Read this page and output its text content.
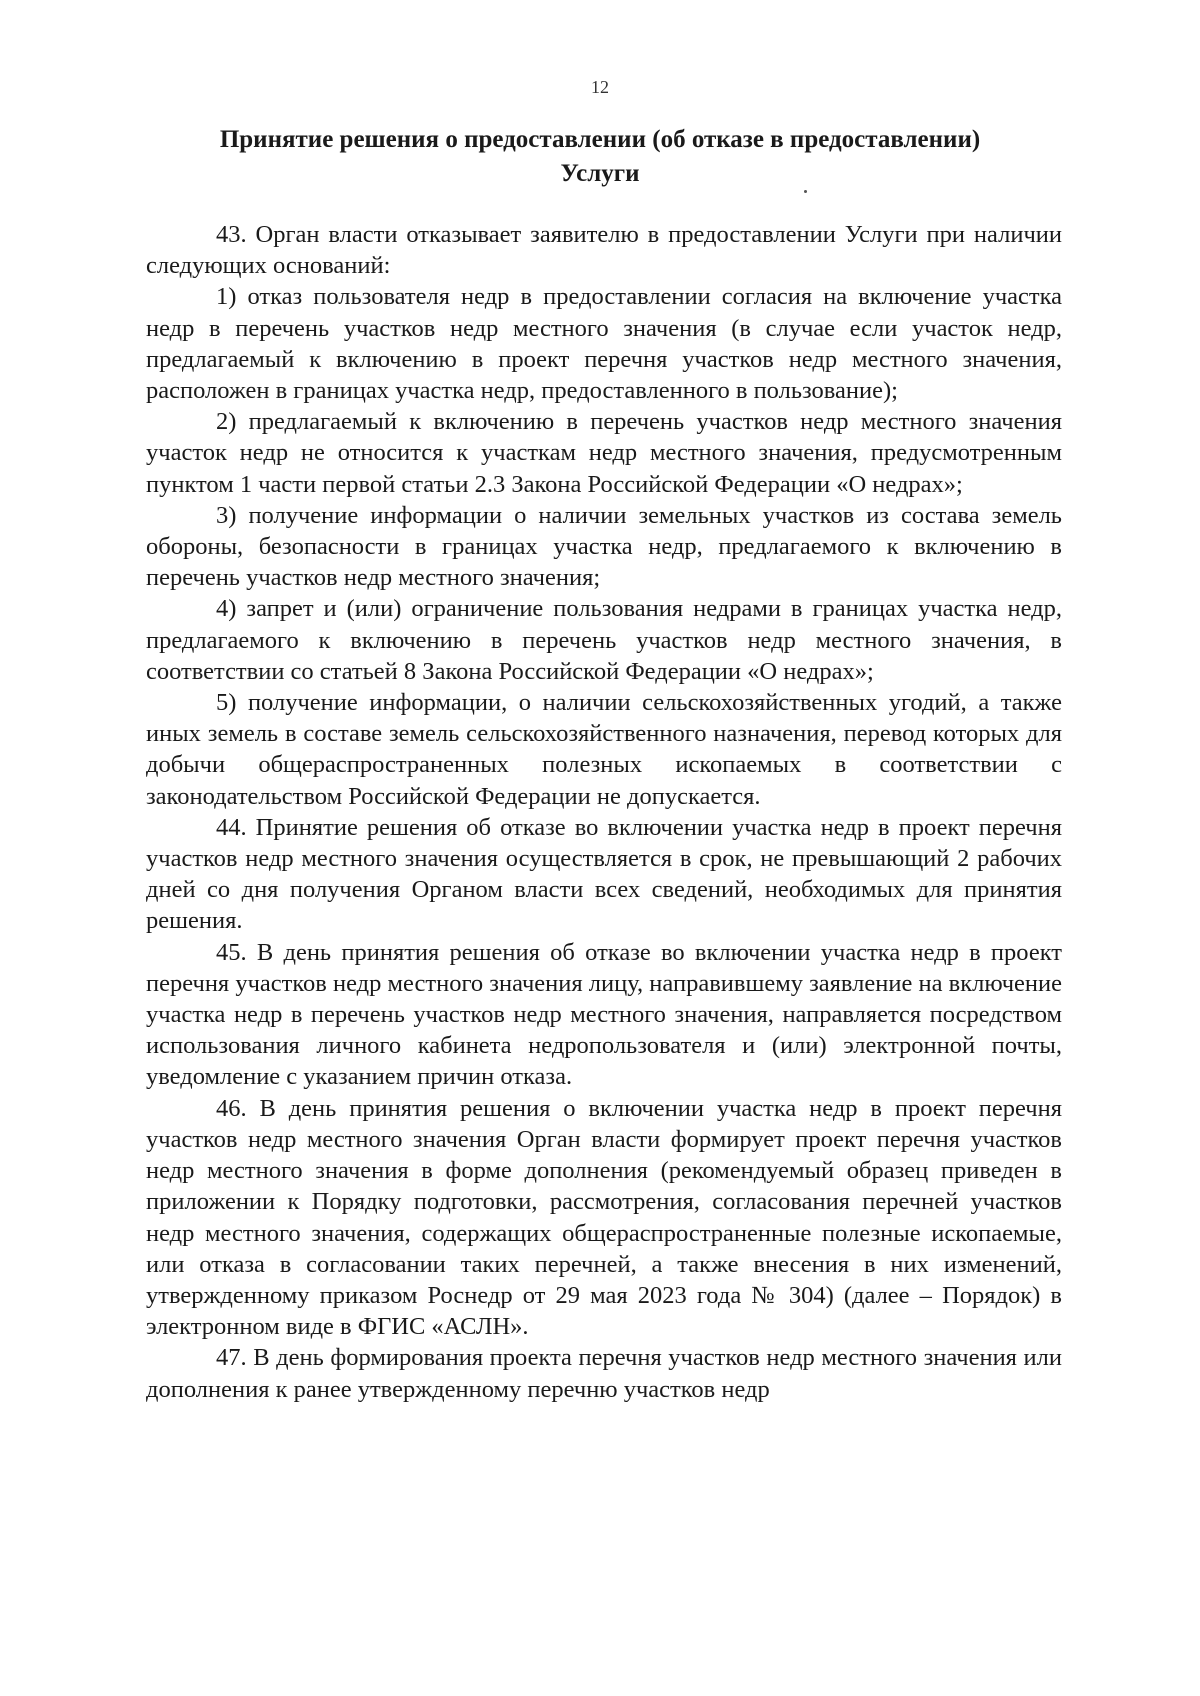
12
Принятие решения о предоставлении (об отказе в предоставлении)
Услуги

43. Орган власти отказывает заявителю в предоставлении Услуги при наличии следующих оснований:

1) отказ пользователя недр в предоставлении согласия на включение участка недр в перечень участков недр местного значения (в случае если участок недр, предлагаемый к включению в проект перечня участков недр местного значения, расположен в границах участка недр, предоставленного в пользование);

2) предлагаемый к включению в перечень участков недр местного значения участок недр не относится к участкам недр местного значения, предусмотренным пунктом 1 части первой статьи 2.3 Закона Российской Федерации «О недрах»;

3) получение информации о наличии земельных участков из состава земель обороны, безопасности в границах участка недр, предлагаемого к включению в перечень участков недр местного значения;

4) запрет и (или) ограничение пользования недрами в границах участка недр, предлагаемого к включению в перечень участков недр местного значения, в соответствии со статьей 8 Закона Российской Федерации «О недрах»;

5) получение информации, о наличии сельскохозяйственных угодий, а также иных земель в составе земель сельскохозяйственного назначения, перевод которых для добычи общераспространенных полезных ископаемых в соответствии с законодательством Российской Федерации не допускается.

44. Принятие решения об отказе во включении участка недр в проект перечня участков недр местного значения осуществляется в срок, не превышающий 2 рабочих дней со дня получения Органом власти всех сведений, необходимых для принятия решения.

45. В день принятия решения об отказе во включении участка недр в проект перечня участков недр местного значения лицу, направившему заявление на включение участка недр в перечень участков недр местного значения, направляется посредством использования личного кабинета недропользователя и (или) электронной почты, уведомление с указанием причин отказа.

46. В день принятия решения о включении участка недр в проект перечня участков недр местного значения Орган власти формирует проект перечня участков недр местного значения в форме дополнения (рекомендуемый образец приведен в приложении к Порядку подготовки, рассмотрения, согласования перечней участков недр местного значения, содержащих общераспространенные полезные ископаемые, или отказа в согласовании таких перечней, а также внесения в них изменений, утвержденному приказом Роснедр от 29 мая 2023 года № 304) (далее – Порядок) в электронном виде в ФГИС «АСЛН».

47. В день формирования проекта перечня участков недр местного значения или дополнения к ранее утвержденному перечню участков недр
